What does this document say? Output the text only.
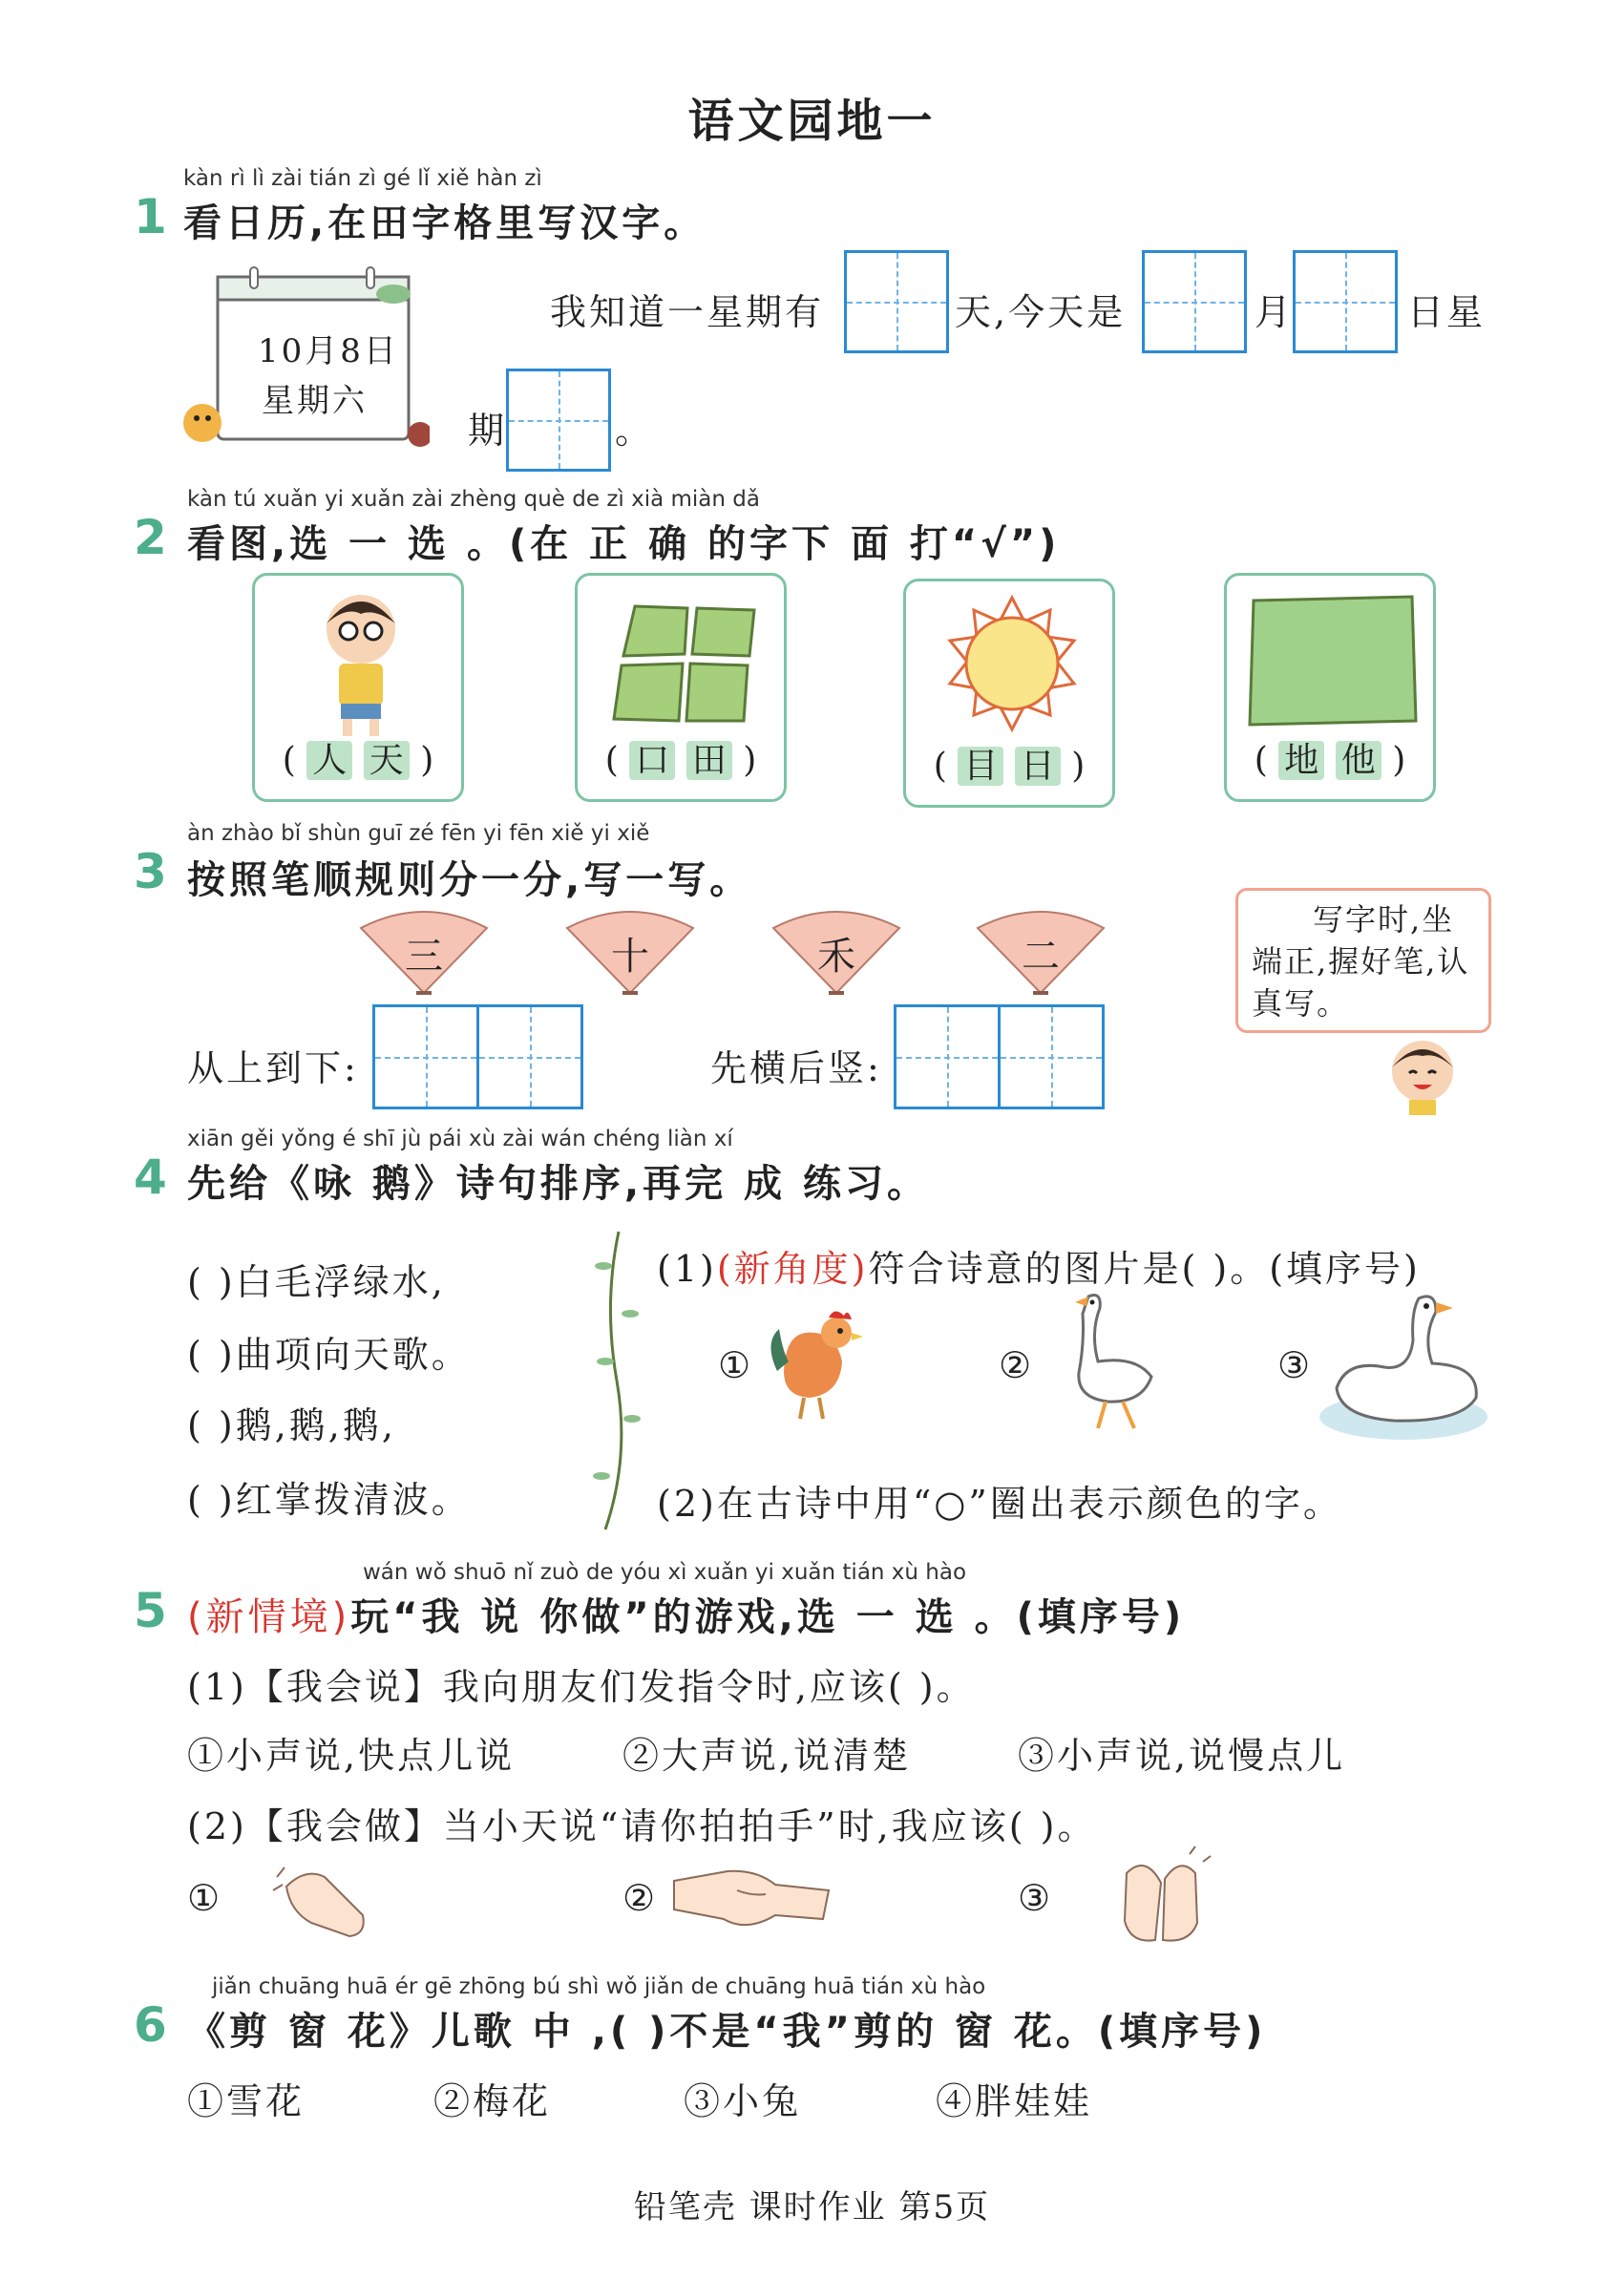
语文园地一
kàn rì lì zài tián zì gé lǐ xiě hàn zì
1 看日历,在田字格里写汉字。
10月8日
星期六
我知道一星期有	天,今天是	月	日星
期	。
kàn tú xuǎn yi xuǎn zài zhèng què de zì xià miàn dǎ
2 看图,选 一 选 。(在 正 确 的字下 面 打“√”)
( 人 天 )	( 口 田 )	( 目 日 )	( 地 他 )
àn zhào bǐ shùn guī zé fēn yi fēn xiě yi xiě
3 按照笔顺规则分一分,写一写。
三	十	禾	二
从上到下:	先横后竖:
写字时,坐端正,握好笔,认真写。
xiān gěi yǒng é shī jù pái xù zài wán chéng liàn xí
4 先给《咏 鹅》诗句排序,再完 成 练习。
( )白毛浮绿水,
( )曲项向天歌。
( )鹅,鹅,鹅,
( )红掌拨清波。
(1)(新角度)符合诗意的图片是( )。(填序号)
①	②	③
(2)在古诗中用“○”圈出表示颜色的字。
wán wǒ shuō nǐ zuò de yóu xì xuǎn yi xuǎn tián xù hào
5 (新情境)玩“我 说 你做”的游戏,选 一 选 。(填序号)
(1)【我会说】我向朋友们发指令时,应该( )。
①小声说,快点儿说	②大声说,说清楚	③小声说,说慢点儿
(2)【我会做】当小天说“请你拍拍手”时,我应该( )。
①	②	③
jiǎn chuāng huā ér gē zhōng bú shì wǒ jiǎn de chuāng huā tián xù hào
6 《剪 窗 花》儿歌 中 ,( )不是“我”剪的 窗 花。(填序号)
①雪花	②梅花	③小兔	④胖娃娃
铅笔壳 课时作业 第5页
